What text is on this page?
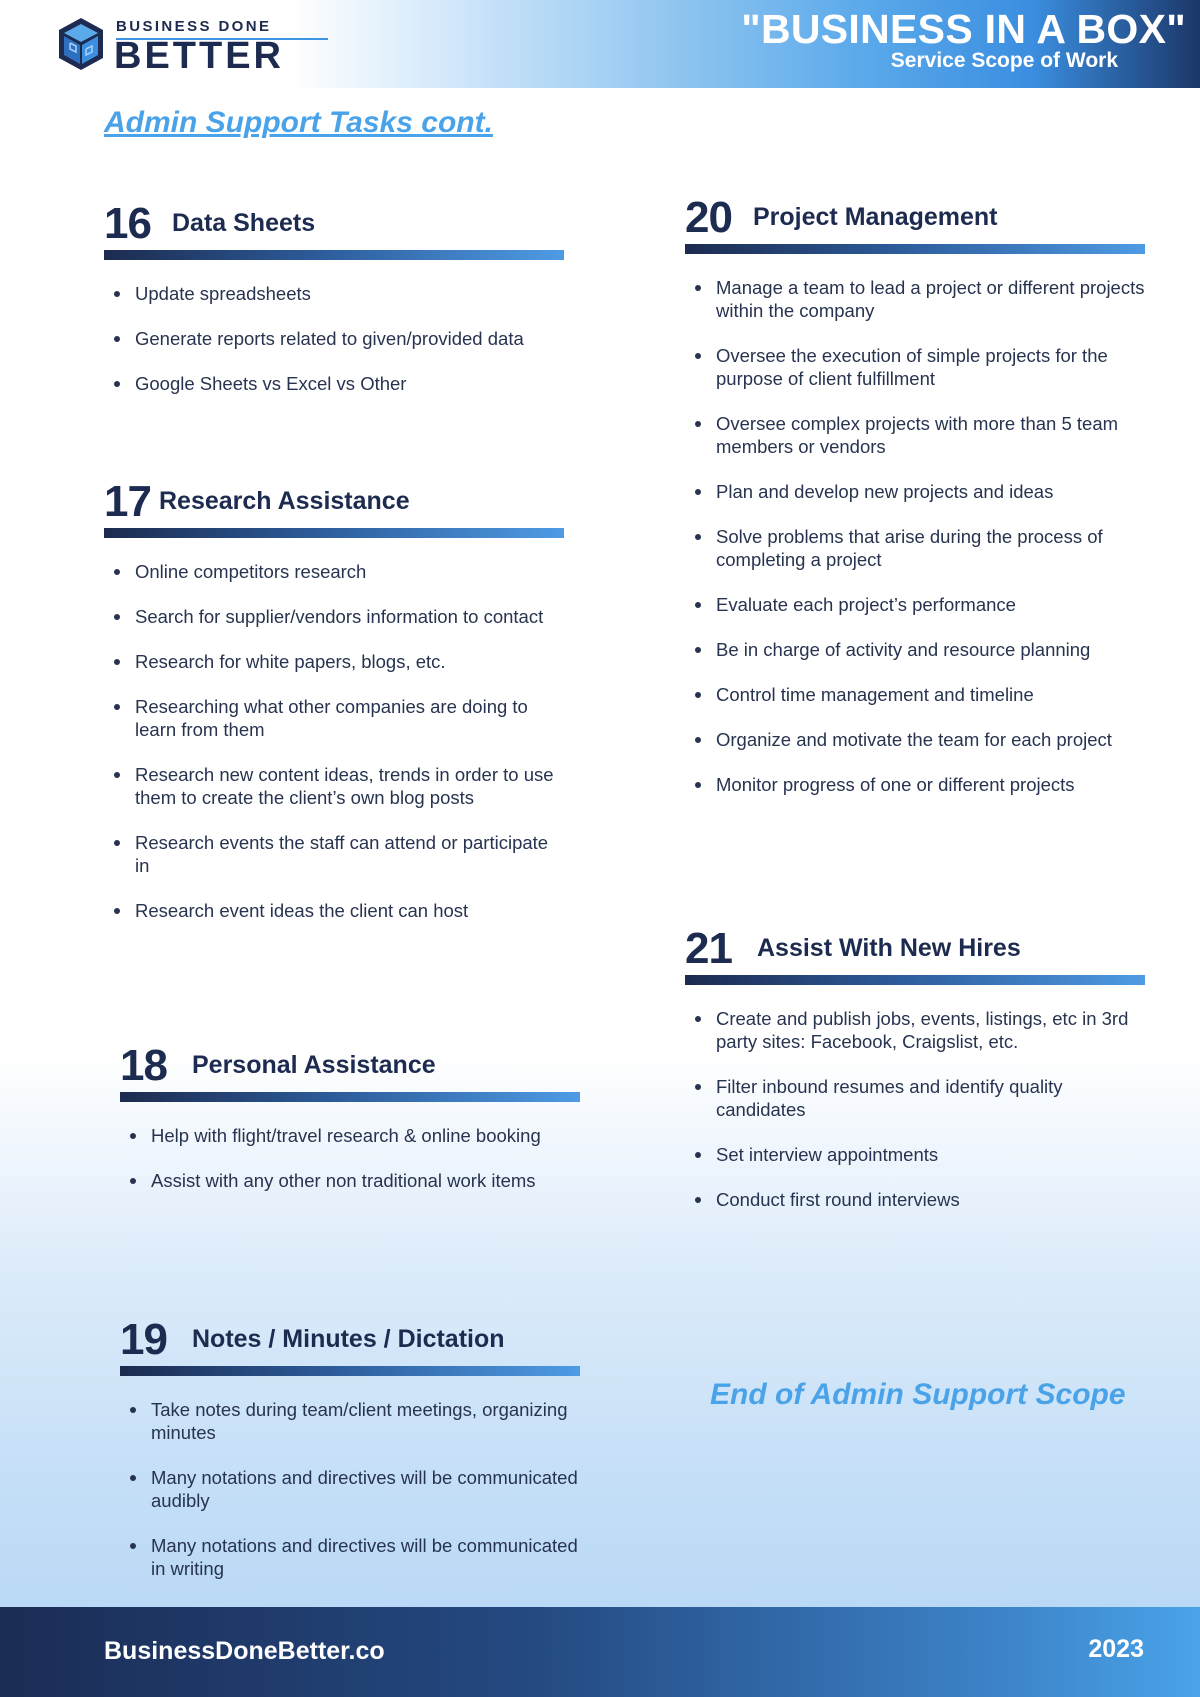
BUSINESS DONE
BETTER
"BUSINESS IN A BOX"
Service Scope of Work
Admin Support Tasks cont.
16 Data Sheets
Update spreadsheets
Generate reports related to given/provided data
Google Sheets vs Excel vs Other
17 Research Assistance
Online competitors research
Search for supplier/vendors information to contact
Research for white papers, blogs, etc.
Researching what other companies are doing to learn from them
Research new content ideas, trends in order to use them to create the client’s own blog posts
Research events the staff can attend or participate in
Research event ideas the client can host
18 Personal Assistance
Help with flight/travel research & online booking
Assist with any other non traditional work items
19 Notes / Minutes / Dictation
Take notes during team/client meetings, organizing minutes
Many notations and directives will be communicated audibly
Many notations and directives will be communicated in writing
20 Project Management
Manage a team to lead a project or different projects within the company
Oversee the execution of simple projects for the purpose of client fulfillment
Oversee complex projects with more than 5 team members or vendors
Plan and develop new projects and ideas
Solve problems that arise during the process of completing a project
Evaluate each project’s performance
Be in charge of activity and resource planning
Control time management and timeline
Organize and motivate the team for each project
Monitor progress of one or different projects
21 Assist With New Hires
Create and publish jobs, events, listings, etc in 3rd party sites: Facebook, Craigslist, etc.
Filter inbound resumes and identify quality candidates
Set interview appointments
Conduct first round interviews
End of Admin Support Scope
BusinessDoneBetter.co	2023
